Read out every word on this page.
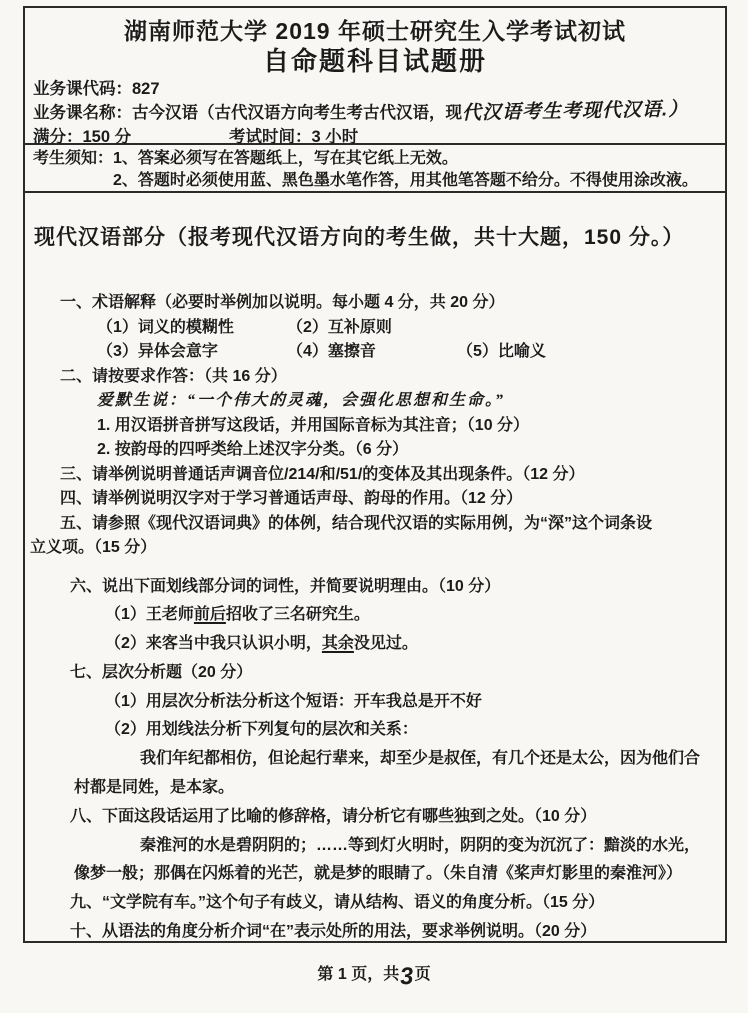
湖南师范大学 2019 年硕士研究生入学考试初试
自命题科目试题册
业务课代码：827
业务课名称：古今汉语（古代汉语方向考生考古代汉语，现代汉语考生考现代汉语.）
满分：150 分	考试时间：3 小时
考生须知： 1、答案必须写在答题纸上，写在其它纸上无效。
2、答题时必须使用蓝、黑色墨水笔作答，用其他笔答题不给分。不得使用涂改液。
现代汉语部分（报考现代汉语方向的考生做，共十大题，150 分。）
一、术语解释（必要时举例加以说明。每小题 4 分，共 20 分）
（1）词义的模糊性	（2）互补原则
（3）异体会意字	（4）塞擦音	（5）比喻义
二、请按要求作答：（共 16 分）
爱默生说：“一个伟大的灵魂，会强化思想和生命。”
1. 用汉语拼音拼写这段话，并用国际音标为其注音；（10 分）
2. 按韵母的四呼类给上述汉字分类。（6 分）
三、请举例说明普通话声调音位/214/和/51/的变体及其出现条件。（12 分）
四、请举例说明汉字对于学习普通话声母、韵母的作用。（12 分）
五、请参照《现代汉语词典》的体例，结合现代汉语的实际用例，为“深”这个词条设
立义项。（15 分）
六、说出下面划线部分词的词性，并简要说明理由。（10 分）
（1）王老师前后招收了三名研究生。
（2）来客当中我只认识小明，其余没见过。
七、层次分析题（20 分）
（1）用层次分析法分析这个短语：开车我总是开不好
（2）用划线法分析下列复句的层次和关系：
我们年纪都相仿，但论起行辈来，却至少是叔侄，有几个还是太公，因为他们合
村都是同姓，是本家。
八、下面这段话运用了比喻的修辞格，请分析它有哪些独到之处。（10 分）
秦淮河的水是碧阴阴的；……等到灯火明时，阴阴的变为沉沉了：黯淡的水光，
像梦一般；那偶在闪烁着的光芒，就是梦的眼睛了。（朱自清《桨声灯影里的秦淮河》）
九、“文学院有车。”这个句子有歧义，请从结构、语义的角度分析。（15 分）
十、从语法的角度分析介词“在”表示处所的用法，要求举例说明。（20 分）
第 1 页，共3页
